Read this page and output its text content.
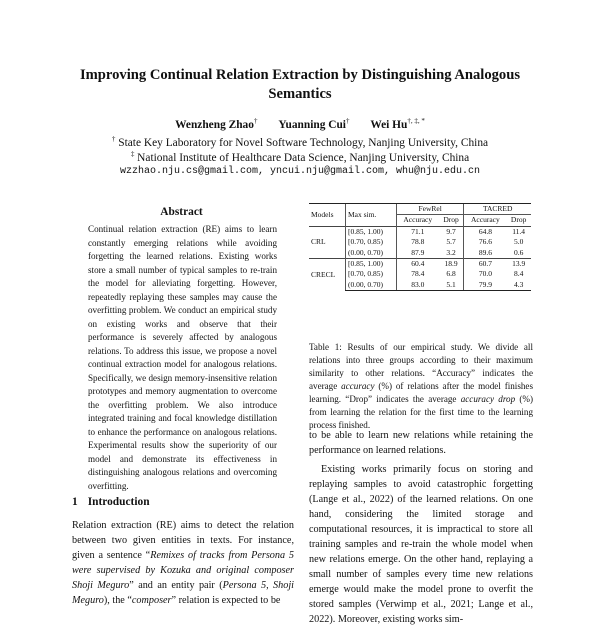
Improving Continual Relation Extraction by Distinguishing Analogous Semantics
Wenzheng Zhao† Yuanning Cui† Wei Hu†, ‡, *
† State Key Laboratory for Novel Software Technology, Nanjing University, China
‡ National Institute of Healthcare Data Science, Nanjing University, China
wzzhao.nju.cs@gmail.com, yncui.nju@gmail.com, whu@nju.edu.cn
Abstract

Continual relation extraction (RE) aims to learn constantly emerging relations while avoiding forgetting the learned relations. Existing works store a small number of typical samples to re-train the model for alleviating forgetting. However, repeatedly replaying these samples may cause the overfitting problem. We conduct an empirical study on existing works and observe that their performance is severely affected by analogous relations. To address this issue, we propose a novel continual extraction model for analogous relations. Specifically, we design memory-insensitive relation prototypes and memory augmentation to overcome the overfitting problem. We also introduce integrated training and focal knowledge distillation to enhance the performance on analogous relations. Experimental results show the superiority of our model and demonstrate its effectiveness in distinguishing analogous relations and overcoming overfitting.

1 Introduction

Relation extraction (RE) aims to detect the relation between two given entities in texts. For instance, given a sentence “Remixes of tracks from Persona 5 were supervised by Kozuka and original composer Shoji Meguro” and an entity pair (Persona 5, Shoji Meguro), the “composer” relation is expected to be

Models	Max sim.	FewRel		TACRED	
		Accuracy	Drop	Accuracy	Drop
CRL	[0.85, 1.00)	71.1	9.7	64.8	11.4
	[0.70, 0.85)	78.8	5.7	76.6	5.0
	(0.00, 0.70)	87.9	3.2	89.6	0.6
CRECL	[0.85, 1.00)	60.4	18.9	60.7	13.9
	[0.70, 0.85)	78.4	6.8	70.0	8.4
	(0.00, 0.70)	83.0	5.1	79.9	4.3
Table 1: Results of our empirical study. We divide all relations into three groups according to their maximum similarity to other relations. “Accuracy” indicates the average accuracy (%) of relations after the model finishes learning. “Drop” indicates the average accuracy drop (%) from learning the relation for the first time to the learning process finished.

to be able to learn new relations while retaining the performance on learned relations.

Existing works primarily focus on storing and replaying samples to avoid catastrophic forgetting (Lange et al., 2022) of the learned relations. On one hand, considering the limited storage and computational resources, it is impractical to store all training samples and re-train the whole model when new relations emerge. On the other hand, replaying a small number of samples every time new relations emerge would make the model prone to overfit the stored samples (Verwimp et al., 2021; Lange et al., 2022). Moreover, existing works sim-
